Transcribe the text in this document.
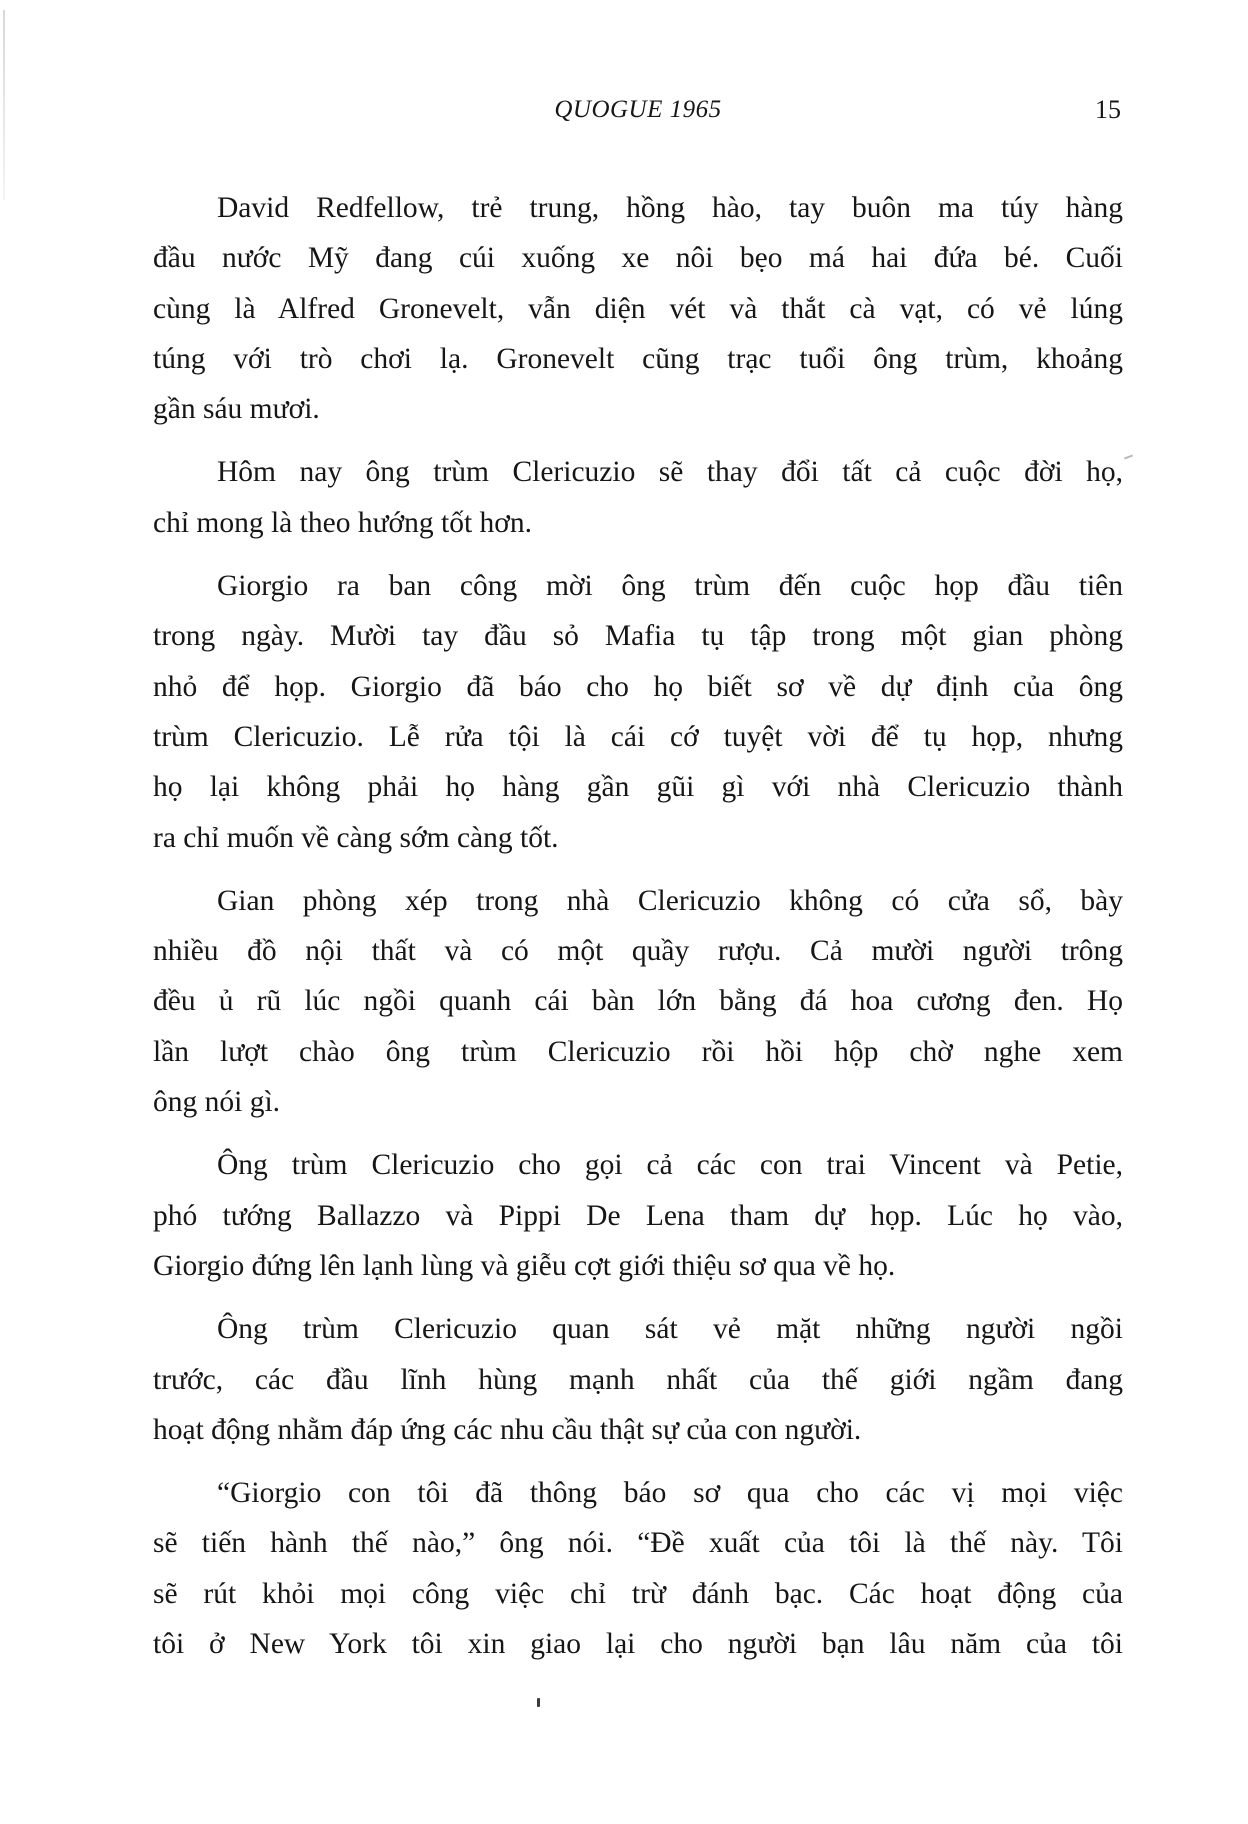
QUOGUE 1965	15
David Redfellow, trẻ trung, hồng hào, tay buôn ma túy hàng
đầu nước Mỹ đang cúi xuống xe nôi bẹo má hai đứa bé. Cuối
cùng là Alfred Gronevelt, vẫn diện vét và thắt cà vạt, có vẻ lúng
túng với trò chơi lạ. Gronevelt cũng trạc tuổi ông trùm, khoảng
gần sáu mươi.
Hôm nay ông trùm Clericuzio sẽ thay đổi tất cả cuộc đời họ,
chỉ mong là theo hướng tốt hơn.
Giorgio ra ban công mời ông trùm đến cuộc họp đầu tiên
trong ngày. Mười tay đầu sỏ Mafia tụ tập trong một gian phòng
nhỏ để họp. Giorgio đã báo cho họ biết sơ về dự định của ông
trùm Clericuzio. Lễ rửa tội là cái cớ tuyệt vời để tụ họp, nhưng
họ lại không phải họ hàng gần gũi gì với nhà Clericuzio thành
ra chỉ muốn về càng sớm càng tốt.
Gian phòng xép trong nhà Clericuzio không có cửa sổ, bày
nhiều đồ nội thất và có một quầy rượu. Cả mười người trông
đều ủ rũ lúc ngồi quanh cái bàn lớn bằng đá hoa cương đen. Họ
lần lượt chào ông trùm Clericuzio rồi hồi hộp chờ nghe xem
ông nói gì.
Ông trùm Clericuzio cho gọi cả các con trai Vincent và Petie,
phó tướng Ballazzo và Pippi De Lena tham dự họp. Lúc họ vào,
Giorgio đứng lên lạnh lùng và giễu cợt giới thiệu sơ qua về họ.
Ông trùm Clericuzio quan sát vẻ mặt những người ngồi
trước, các đầu lĩnh hùng mạnh nhất của thế giới ngầm đang
hoạt động nhằm đáp ứng các nhu cầu thật sự của con người.
“Giorgio con tôi đã thông báo sơ qua cho các vị mọi việc
sẽ tiến hành thế nào,” ông nói. “Đề xuất của tôi là thế này. Tôi
sẽ rút khỏi mọi công việc chỉ trừ đánh bạc. Các hoạt động của
tôi ở New York tôi xin giao lại cho người bạn lâu năm của tôi
